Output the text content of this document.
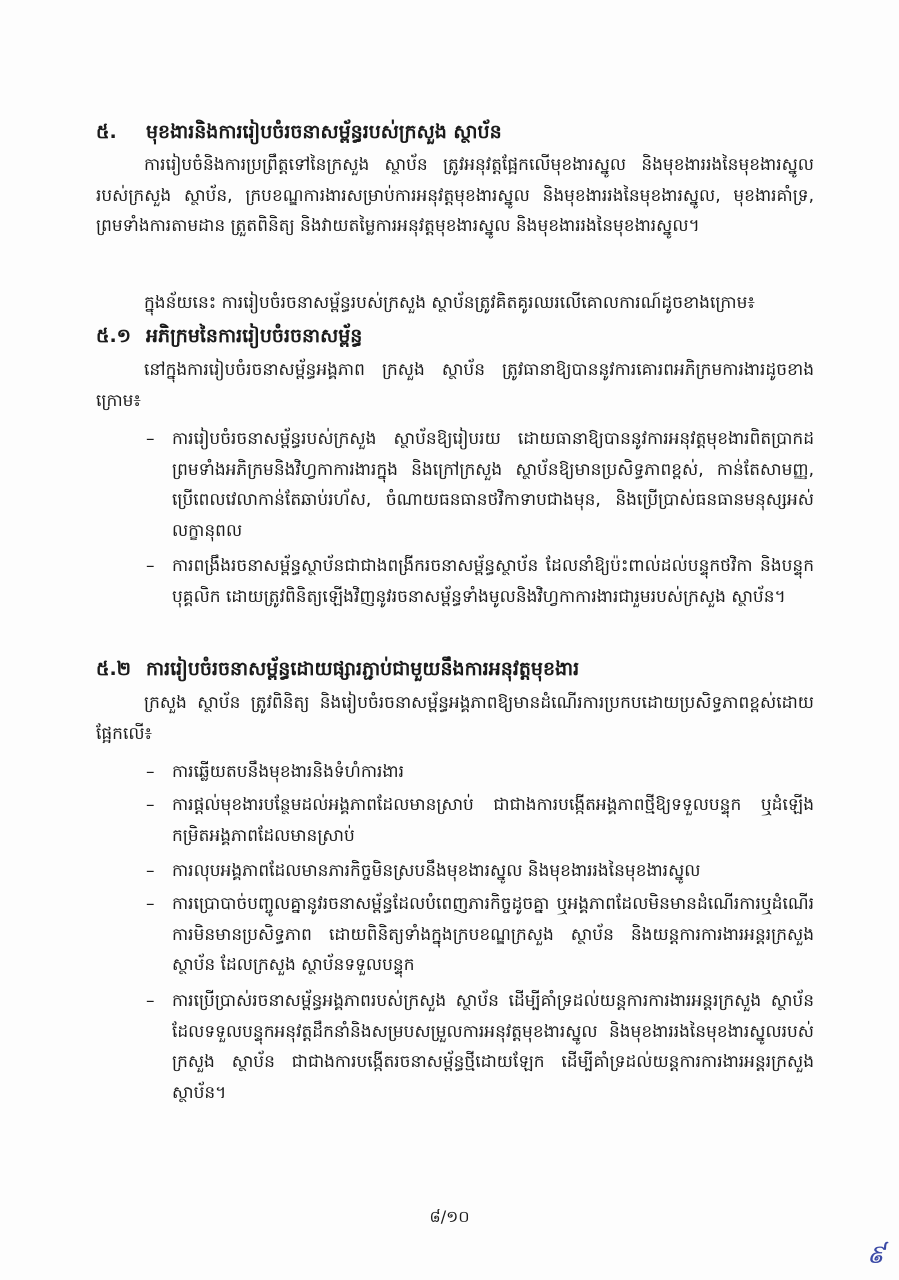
៥. មុខងារនិងការរៀបចំរចនាសម្ព័ន្ធរបស់ក្រសួង ស្ថាប័ន
ការរៀបចំនិងការប្រព្រឹត្តទៅនៃក្រសួង ស្ថាប័ន ត្រូវអនុវត្តផ្អែកលើមុខងារស្នូល និងមុខងាររងនៃមុខងារស្នូលរបស់ក្រសួង ស្ថាប័ន, ក្របខណ្ឌការងារសម្រាប់ការអនុវត្តមុខងារស្នូល និងមុខងាររងនៃមុខងារស្នូល, មុខងារគាំទ្រ, ព្រមទាំងការតាមដាន ត្រួតពិនិត្យ និងវាយតម្លៃការអនុវត្តមុខងារស្នូល និងមុខងាររងនៃមុខងារស្នូល។
ក្នុងន័យនេះ ការរៀបចំរចនាសម្ព័ន្ធរបស់ក្រសួង ស្ថាប័នត្រូវគិតគូរឈរលើគោលការណ៍ដូចខាងក្រោម៖
៥.១ អភិក្រមនៃការរៀបចំរចនាសម្ព័ន្ធ
នៅក្នុងការរៀបចំរចនាសម្ព័ន្ធអង្គភាព ក្រសួង ស្ថាប័ន ត្រូវធានាឱ្យបាននូវការគោរពអភិក្រមការងារដូចខាងក្រោម៖
– ការរៀបចំរចនាសម្ព័ន្ធរបស់ក្រសួង ស្ថាប័នឱ្យរៀបរយ ដោយធានាឱ្យបាននូវការអនុវត្តមុខងារពិតប្រាកដ ព្រមទាំងអភិក្រមនិងវិហ្វកាការងារក្នុង និងក្រៅក្រសួង ស្ថាប័នឱ្យមានប្រសិទ្ធភាពខ្ពស់, កាន់តែសាមញ្ញ, ប្រើពេលវេលាកាន់តែឆាប់រហ័ស, ចំណាយធនធានថវិកាទាបជាងមុន, និងប្រើប្រាស់ធនធានមនុស្សអស់លក្ខានុពល
– ការពង្រឹងរចនាសម្ព័ន្ធស្ថាប័នជាជាងពង្រីករចនាសម្ព័ន្ធស្ថាប័ន ដែលនាំឱ្យប៉ះពាល់ដល់បន្ទុកថវិកា និងបន្ទុកបុគ្គលិក ដោយត្រូវពិនិត្យឡើងវិញនូវរចនាសម្ព័ន្ធទាំងមូលនិងវិហ្វកាការងារជារួមរបស់ក្រសួង ស្ថាប័ន។
៥.២ ការរៀបចំរចនាសម្ព័ន្ធដោយផ្សារភ្ជាប់ជាមួយនឹងការអនុវត្តមុខងារ
ក្រសួង ស្ថាប័ន ត្រូវពិនិត្យ និងរៀបចំរចនាសម្ព័ន្ធអង្គភាពឱ្យមានដំណើរការប្រកបដោយប្រសិទ្ធភាពខ្ពស់ដោយផ្អែកលើ៖
– ការឆ្លើយតបនឹងមុខងារនិងទំហំការងារ
– ការផ្តល់មុខងារបន្ថែមដល់អង្គភាពដែលមានស្រាប់ ជាជាងការបង្កើតអង្គភាពថ្មីឱ្យទទួលបន្ទុក ឬដំឡើងកម្រិតអង្គភាពដែលមានស្រាប់
– ការលុបអង្គភាពដែលមានភារកិច្ចមិនស្របនឹងមុខងារស្នូល និងមុខងាររងនៃមុខងារស្នូល
– ការប្រោបាច់បញ្ចូលគ្នានូវរចនាសម្ព័ន្ធដែលបំពេញភារកិច្ចដូចគ្នា ឬអង្គភាពដែលមិនមានដំណើរការឬដំណើរការមិនមានប្រសិទ្ធភាព ដោយពិនិត្យទាំងក្នុងក្របខណ្ឌក្រសួង ស្ថាប័ន និងយន្តការការងារអន្តរក្រសួង ស្ថាប័ន ដែលក្រសួង ស្ថាប័នទទួលបន្ទុក
– ការប្រើប្រាស់រចនាសម្ព័ន្ធអង្គភាពរបស់ក្រសួង ស្ថាប័ន ដើម្បីគាំទ្រដល់យន្តការការងារអន្តរក្រសួង ស្ថាប័ន ដែលទទួលបន្ទុកអនុវត្តដឹកនាំនិងសម្របសម្រួលការអនុវត្តមុខងារស្នូល និងមុខងាររងនៃមុខងារស្នូលរបស់ក្រសួង ស្ថាប័ន ជាជាងការបង្កើតរចនាសម្ព័ន្ធថ្មីដោយឡែក ដើម្បីគាំទ្រដល់យន្តការការងារអន្តរក្រសួង ស្ថាប័ន។
៨/១០
៩
